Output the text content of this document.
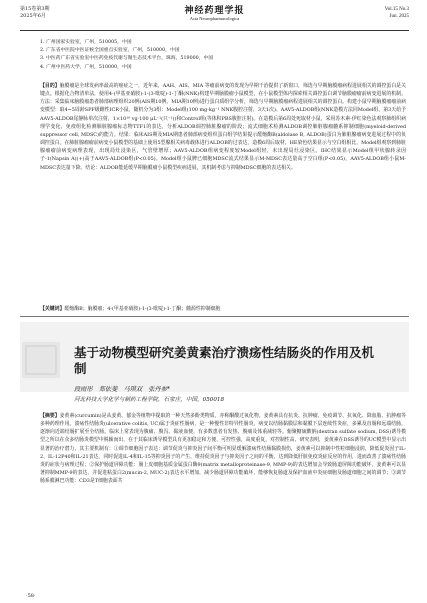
第15卷第3期
2025年6月	神经药理学报
Acta Neuropharmacologica
Vol.15 No.3
Jun. 2025
1. 广州国家实验室，广州，510005，中国
2. 广东省中医院中医证候全国重点实验室，广州，510000，中国
3. 中医药广东省实验室中医药免疫代谢与微生态技术平台，珠海，519000，中国
4. 广州中医药大学，广州，510000，中国
【目的】脑膜瘤是全球发病率最高的癌症之一，近年来，AAH、AIS、MIA 等瘤前病变的发现为早期干治提供了新窗口，筛选与早期脑膜瘤病程进展相关的调控蛋白是关键点。根据化合物清单法，使用4-(甲基亚硝胺)-1-(3-吡啶)-1-丁酮(NNK)构建早期脑膜瘤小鼠模型，在小鼠模型体内探索相关调控蛋白调节脑膜瘤瘤前病变进展的机制。方法：采集临床脑膜瘤患者肺部病理组织20例(AIS期10例，MIA期10例)进行蛋白质组学分析，筛选与早期脑膜瘤病程进展相关的调控蛋白。构建小鼠早期脑膜瘤瘤前病变模型：取4~5周龄SPF级雌性ICR小鼠，随机分为3组：Model组(100 mg·kg⁻¹ NNK腹腔注射，3天1次)、AAV5-ALDOB组(NNK造模方法同Model组，第3天给予AAV5-ALDOB尾静脉单次注射，1×10¹⁰ vg·100 μL⁻¹(只⁻¹))和Control组(等体积PBS腹腔注射)。在造模后第6周处死取材小鼠，采用苏木素-伊红染色法观察肺组织病理学变化，免疫组化检测肺脏腺瘤标志物TTF1的表达，分析ALDOB调控肺脏腺瘤的阶段；流式细胞术检测ALDOB调控肺脏腺瘤髓系抑制细胞(myeloid-derived suppressor cell, MDSC)的能力。结果：临床AIS期及MIA期患者肺部病变组织蛋白组学结果提示醛缩酶B(aldolase B, ALDOB)蛋白为肺脏腺瘤病变进展过程中的负调控蛋白。在肺脏腺瘤瘤前病变小鼠模型的基础上使用5型腺相关病毒载体进行ALDOB的过表达，造模6周后取材，HE染色结果显示与空白组相比，Model组观察到肺脏腺瘤瘤前病变病理表现，出现局灶浸染区，气管壁增厚；AAV5-ALDOB组病变程度较Model组轻，未出现局灶浸染区。IHC结果显示Model组甲状腺转录因子-1(Napsin A)(+)高于AAV5-ALDOB组(P<0.05)。Model组小鼠脾已细胞MDSC流式结果显示M-MDSC表达量高于空白组(P<0.05)，AAV5-ALDOB组小鼠M-MDSC表达量下降。结论：ALDOB能延缓早期脑膜瘤小鼠模型疾病进展，其机制考虑与抑制MDSC细胞的表达相关。
【关键词】醛缩酶B；脑膜瘤；4-(甲基亚硝胺)-1-(3-吡啶)-1-丁酮；髓源性抑制细胞
基于动物模型研究姜黄素治疗溃疡性结肠炎的作用及机制
段雨彤　郑依斐　马琪双　张丹参*
河北科技大学化学与制药工程学院，石家庄，中国，050018
【摘要】姜黄素(curcumin)是从姜黄、郁金等植物中提取的一种天然多酚类物质，亦称酮酸过氧化物。姜黄素具有抗炎、抗肿瘤、免疫调节、抗氧化、降血脂、抗肿瘤等多种药理作用。溃疡性结肠炎(ulcerative colitis, UC)属于炎症性肠病，是一种慢性非特异性肠炎，病变以结肠黏膜层和黏膜下层连续性炎症，多累及直肠和远端结肠，逐渐向近端结肠扩展至全结肠。临床上常表现为腹痛、腹泻、黏液血便，有多数患者有发热、腹痛及体重减轻等。葡聚糖硫酸钠(dextran sulfate sodium, DSS)诱导模型之所以在众多结肠炎模型中脱颖而出，在于其临床诱导模型具有更加稳定和方便，可控性强，高度重复，对控制性高、研究表明，姜黄素在DSS诱导的UC模型中显示出显著的治疗潜力，其主要机制有：①调节细胞因子表达：调节促炎与抑炎因子间平衡可明显缓解溃疡性结肠黏膜损伤，姜黄素可以抑制中性粒细胞浸润，降低促炎因子IL-2、IL-12P40和IL-21表达，同时促进IL-4和IL-15等抑炎因子的产生，维持促炎因子与抑炎因子之间的平衡，达到降低肝脏免疫炎症反应的作用，进而改善了溃疡性结肠炎的症状与病理过程；②保护肠道屏障功能：肠上皮细胞基质金属蛋白酶9(matrix metalloproteinase-9, MMP-9)的表达增加会导致肠道屏障功能破坏，姜黄素可以显著抑制MMP-9的表达，并促进粘蛋白2(mucin-2, MUC-2)表达水平增加，减少肠道屏障功能破坏，能够恢复肠道及保护血液中炎症细胞及肠道细胞之间的调节；③调节肠系膜淋巴功能：CD3是T细胞表面共
·58·
